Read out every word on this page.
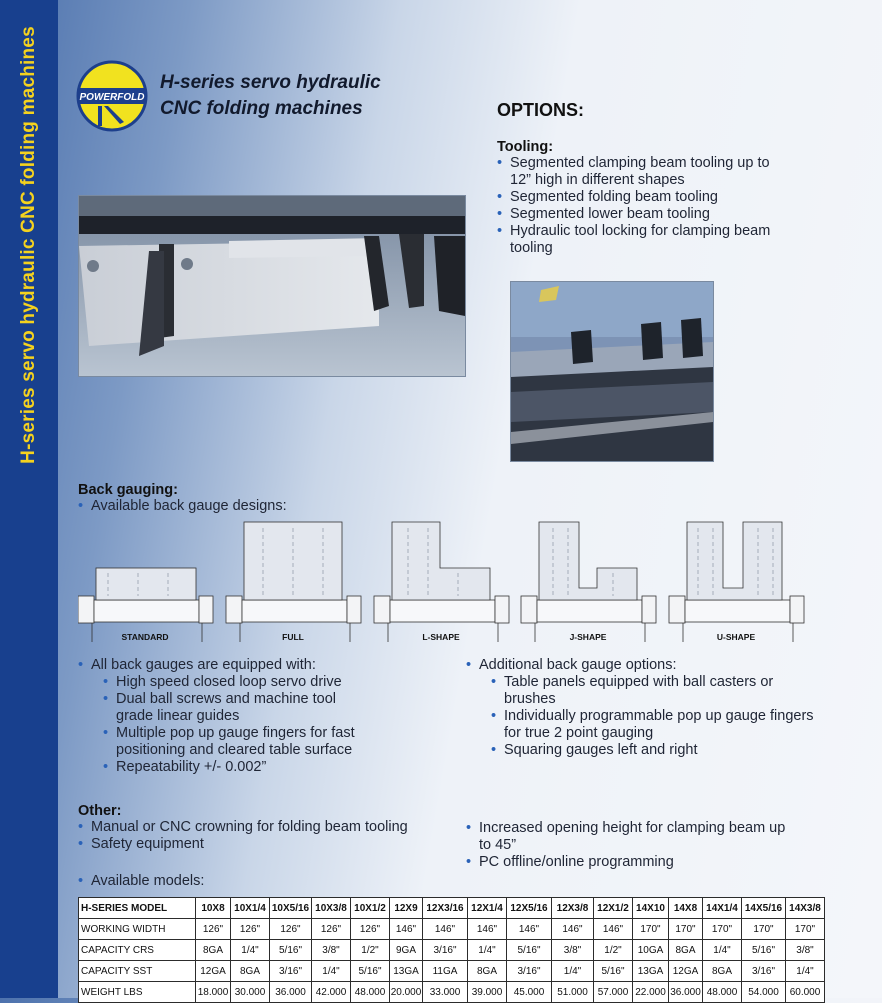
H-series servo hydraulic CNC folding machines	POWERFOLD
H-series servo hydraulic
CNC folding machines	OPTIONS:
Tooling:
• Segmented clamping beam tooling up to 12” high in different shapes
• Segmented folding beam tooling
• Segmented lower beam tooling
• Hydraulic tool locking for clamping beam tooling
Back gauging:
• Available back gauge designs:
STANDARD	FULL	L-SHAPE	J-SHAPE	U-SHAPE
• All back gauges are equipped with:
• High speed closed loop servo drive
• Dual ball screws and machine tool grade linear guides
• Multiple pop up gauge fingers for fast positioning and cleared table surface
• Repeatability +/- 0.002”
• Additional back gauge options:
• Table panels equipped with ball casters or brushes
• Individually programmable pop up gauge fingers for true 2 point gauging
• Squaring gauges left and right
Other:
• Manual or CNC crowning for folding beam tooling
• Safety equipment
• Increased opening height for clamping beam up to 45”
• PC offline/online programming
• Available models:
H-SERIES MODEL	10X8	10X1/4	10X5/16	10X3/8	10X1/2	12X9	12X3/16	12X1/4	12X5/16	12X3/8	12X1/2	14X10	14X8	14X1/4	14X5/16	14X3/8
WORKING WIDTH	126"	126"	126"	126"	126"	146"	146"	146"	146"	146"	146"	170"	170"	170"	170"	170"
CAPACITY CRS	8GA	1/4"	5/16"	3/8"	1/2"	9GA	3/16"	1/4"	5/16"	3/8"	1/2"	10GA	8GA	1/4"	5/16"	3/8"
CAPACITY SST	12GA	8GA	3/16"	1/4"	5/16"	13GA	11GA	8GA	3/16"	1/4"	5/16"	13GA	12GA	8GA	3/16"	1/4"
WEIGHT LBS	18.000	30.000	36.000	42.000	48.000	20.000	33.000	39.000	45.000	51.000	57.000	22.000	36.000	48.000	54.000	60.000
